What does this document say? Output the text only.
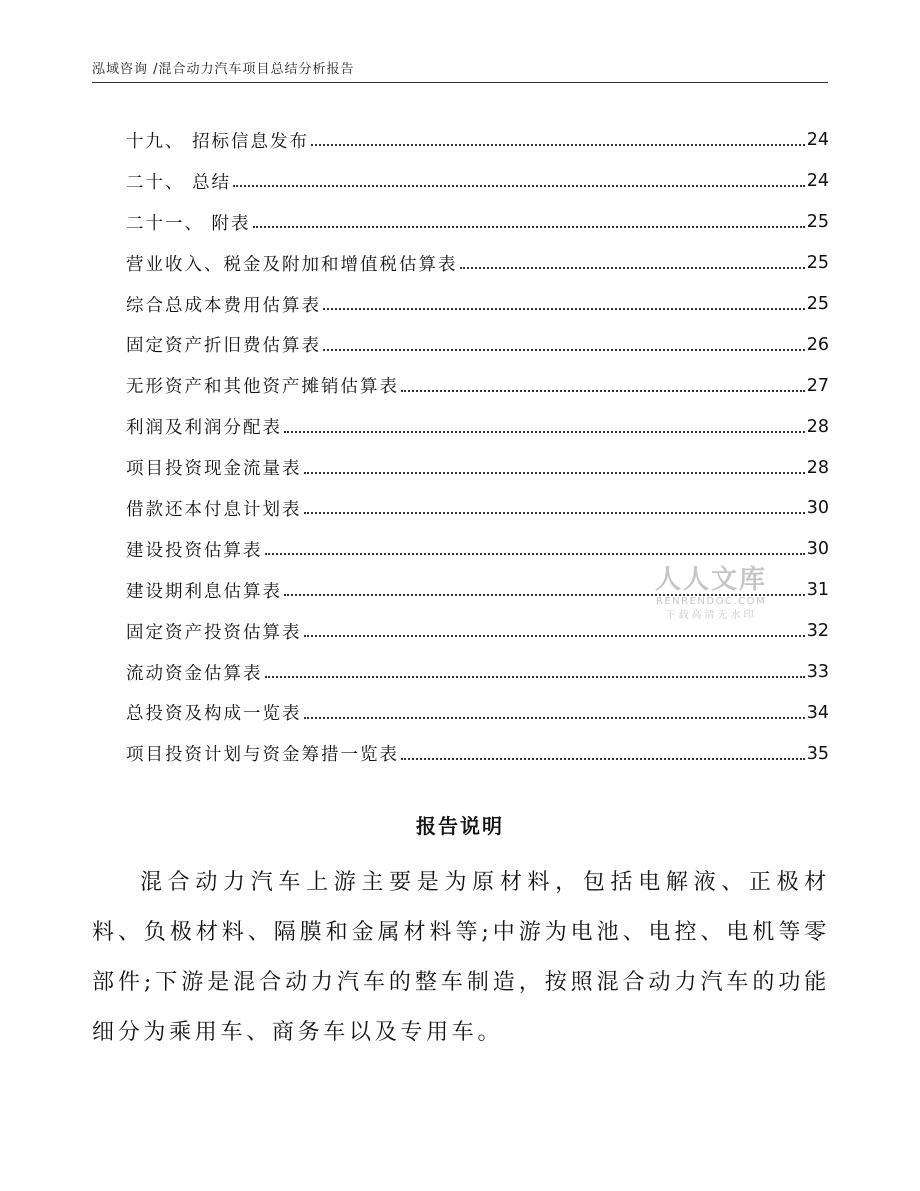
泓域咨询 /混合动力汽车项目总结分析报告
十九、 招标信息发布	24
二十、 总结	24
二十一、 附表	25
营业收入、税金及附加和增值税估算表	25
综合总成本费用估算表	25
固定资产折旧费估算表	26
无形资产和其他资产摊销估算表	27
利润及利润分配表	28
项目投资现金流量表	28
借款还本付息计划表	30
建设投资估算表	30
建设期利息估算表	31
固定资产投资估算表	32
流动资金估算表	33
总投资及构成一览表	34
项目投资计划与资金筹措一览表	35
人人文库
RENRENDOC.COM
下载高清无水印
报告说明
混合动力汽车上游主要是为原材料，包括电解液、正极材料、负极材料、隔膜和金属材料等;中游为电池、电控、电机等零部件;下游是混合动力汽车的整车制造，按照混合动力汽车的功能细分为乘用车、商务车以及专用车。
